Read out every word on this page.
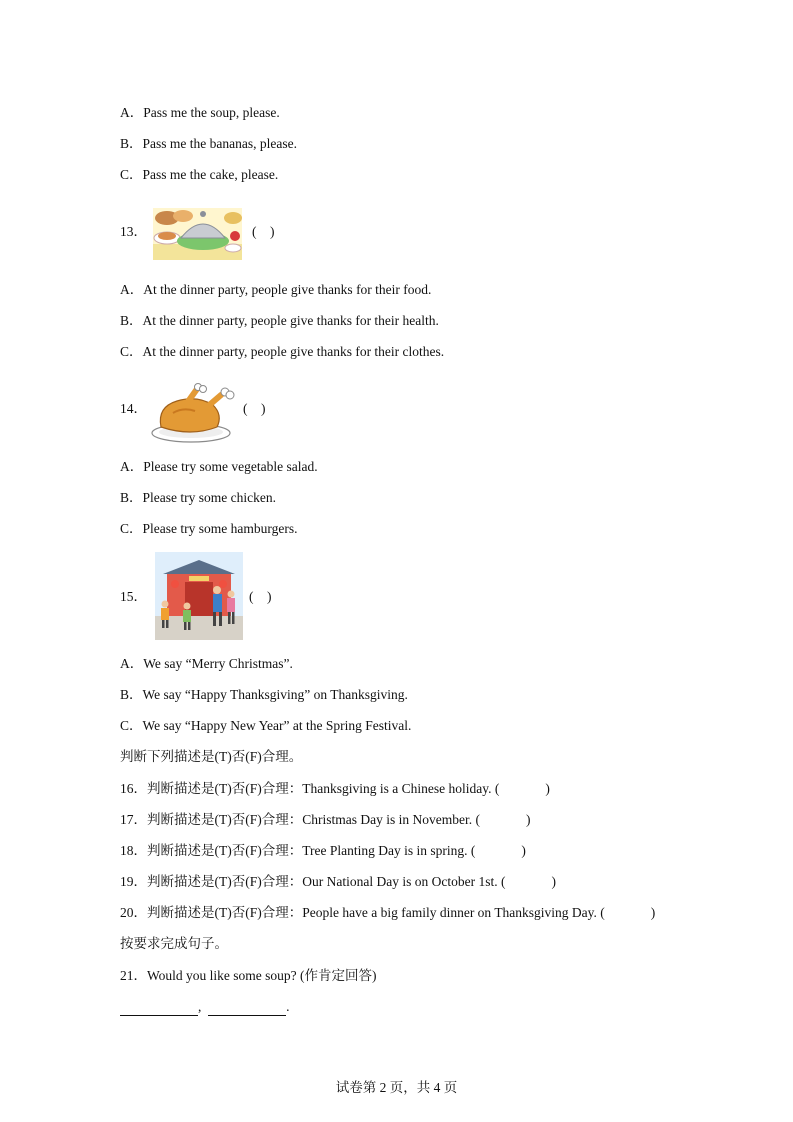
A．Pass me the soup, please.
B．Pass me the bananas, please.
C．Pass me the cake, please.
13．	(　)
A．At the dinner party, people give thanks for their food.
B．At the dinner party, people give thanks for their health.
C．At the dinner party, people give thanks for their clothes.
14．	(　)
A．Please try some vegetable salad.
B．Please try some chicken.
C．Please try some hamburgers.
15．	(　)
A．We say “Merry Christmas”.
B．We say “Happy Thanksgiving” on Thanksgiving.
C．We say “Happy New Year” at the Spring Festival.
判断下列描述是(T)否(F)合理。
16．判断描述是(T)否(F)合理：Thanksgiving is a Chinese holiday. (	)
17．判断描述是(T)否(F)合理：Christmas Day is in November. (	)
18．判断描述是(T)否(F)合理：Tree Planting Day is in spring. (	)
19．判断描述是(T)否(F)合理：Our National Day is on October 1st. (	)
20．判断描述是(T)否(F)合理：People have a big family dinner on Thanksgiving Day. (	)
按要求完成句子。
21．Would you like some soup? (作肯定回答)
,	.
试卷第 2 页，共 4 页
